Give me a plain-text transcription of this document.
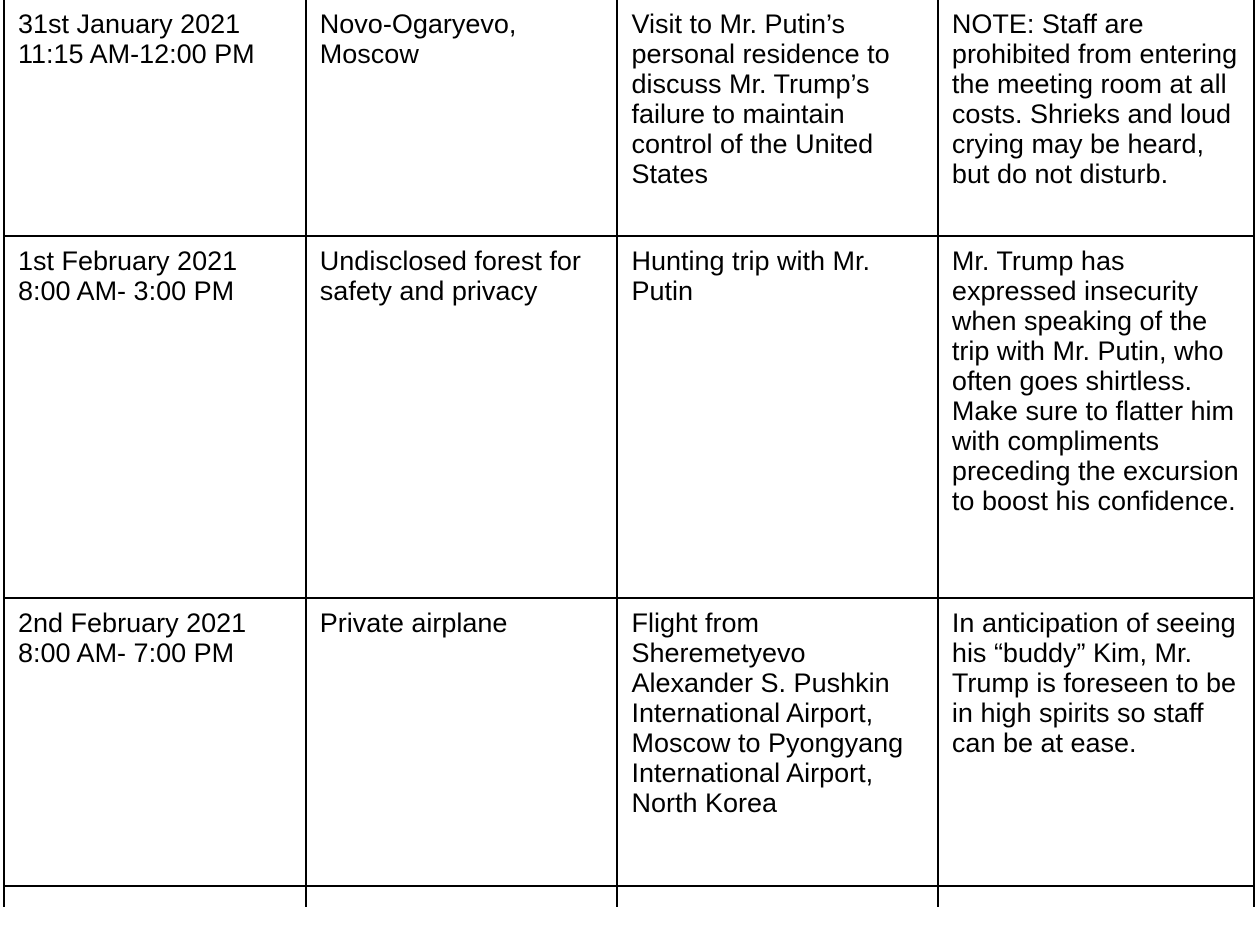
31st January 2021
11:15 AM-12:00 PM	Novo-Ogaryevo, Moscow	Visit to Mr. Putin’s personal residence to discuss Mr. Trump’s failure to maintain control of the United States	NOTE: Staff are prohibited from entering the meeting room at all costs. Shrieks and loud crying may be heard, but do not disturb.

1st February 2021
8:00 AM- 3:00 PM	Undisclosed forest for safety and privacy	Hunting trip with Mr. Putin	Mr. Trump has expressed insecurity when speaking of the trip with Mr. Putin, who often goes shirtless. Make sure to flatter him with compliments preceding the excursion to boost his confidence.

2nd February 2021
8:00 AM- 7:00 PM	Private airplane	Flight from Sheremetyevo Alexander S. Pushkin International Airport, Moscow to Pyongyang International Airport, North Korea	In anticipation of seeing his “buddy” Kim, Mr. Trump is foreseen to be in high spirits so staff can be at ease.
